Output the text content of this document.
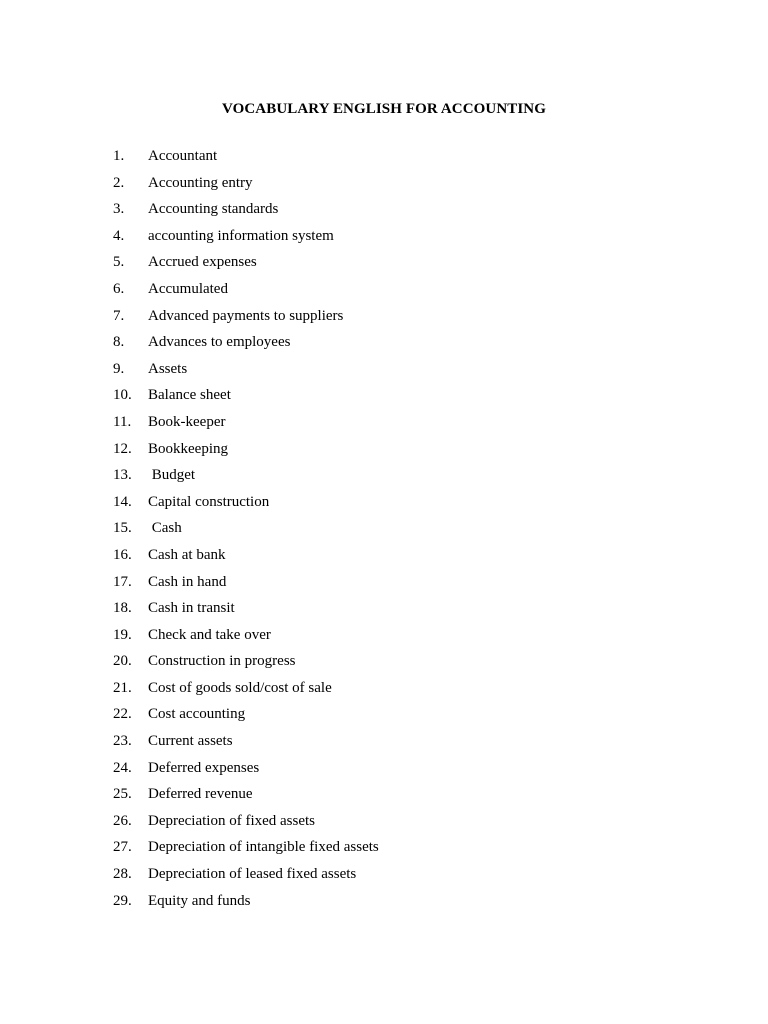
VOCABULARY ENGLISH FOR ACCOUNTING
1. Accountant
2. Accounting entry
3. Accounting standards
4. accounting information system
5. Accrued expenses
6. Accumulated
7. Advanced payments to suppliers
8. Advances to employees
9. Assets
10. Balance sheet
11. Book-keeper
12. Bookkeeping
13. Budget
14. Capital construction
15. Cash
16. Cash at bank
17. Cash in hand
18. Cash in transit
19. Check and take over
20. Construction in progress
21. Cost of goods sold/cost of sale
22. Cost accounting
23. Current assets
24. Deferred expenses
25. Deferred revenue
26. Depreciation of fixed assets
27. Depreciation of intangible fixed assets
28. Depreciation of leased fixed assets
29. Equity and funds
